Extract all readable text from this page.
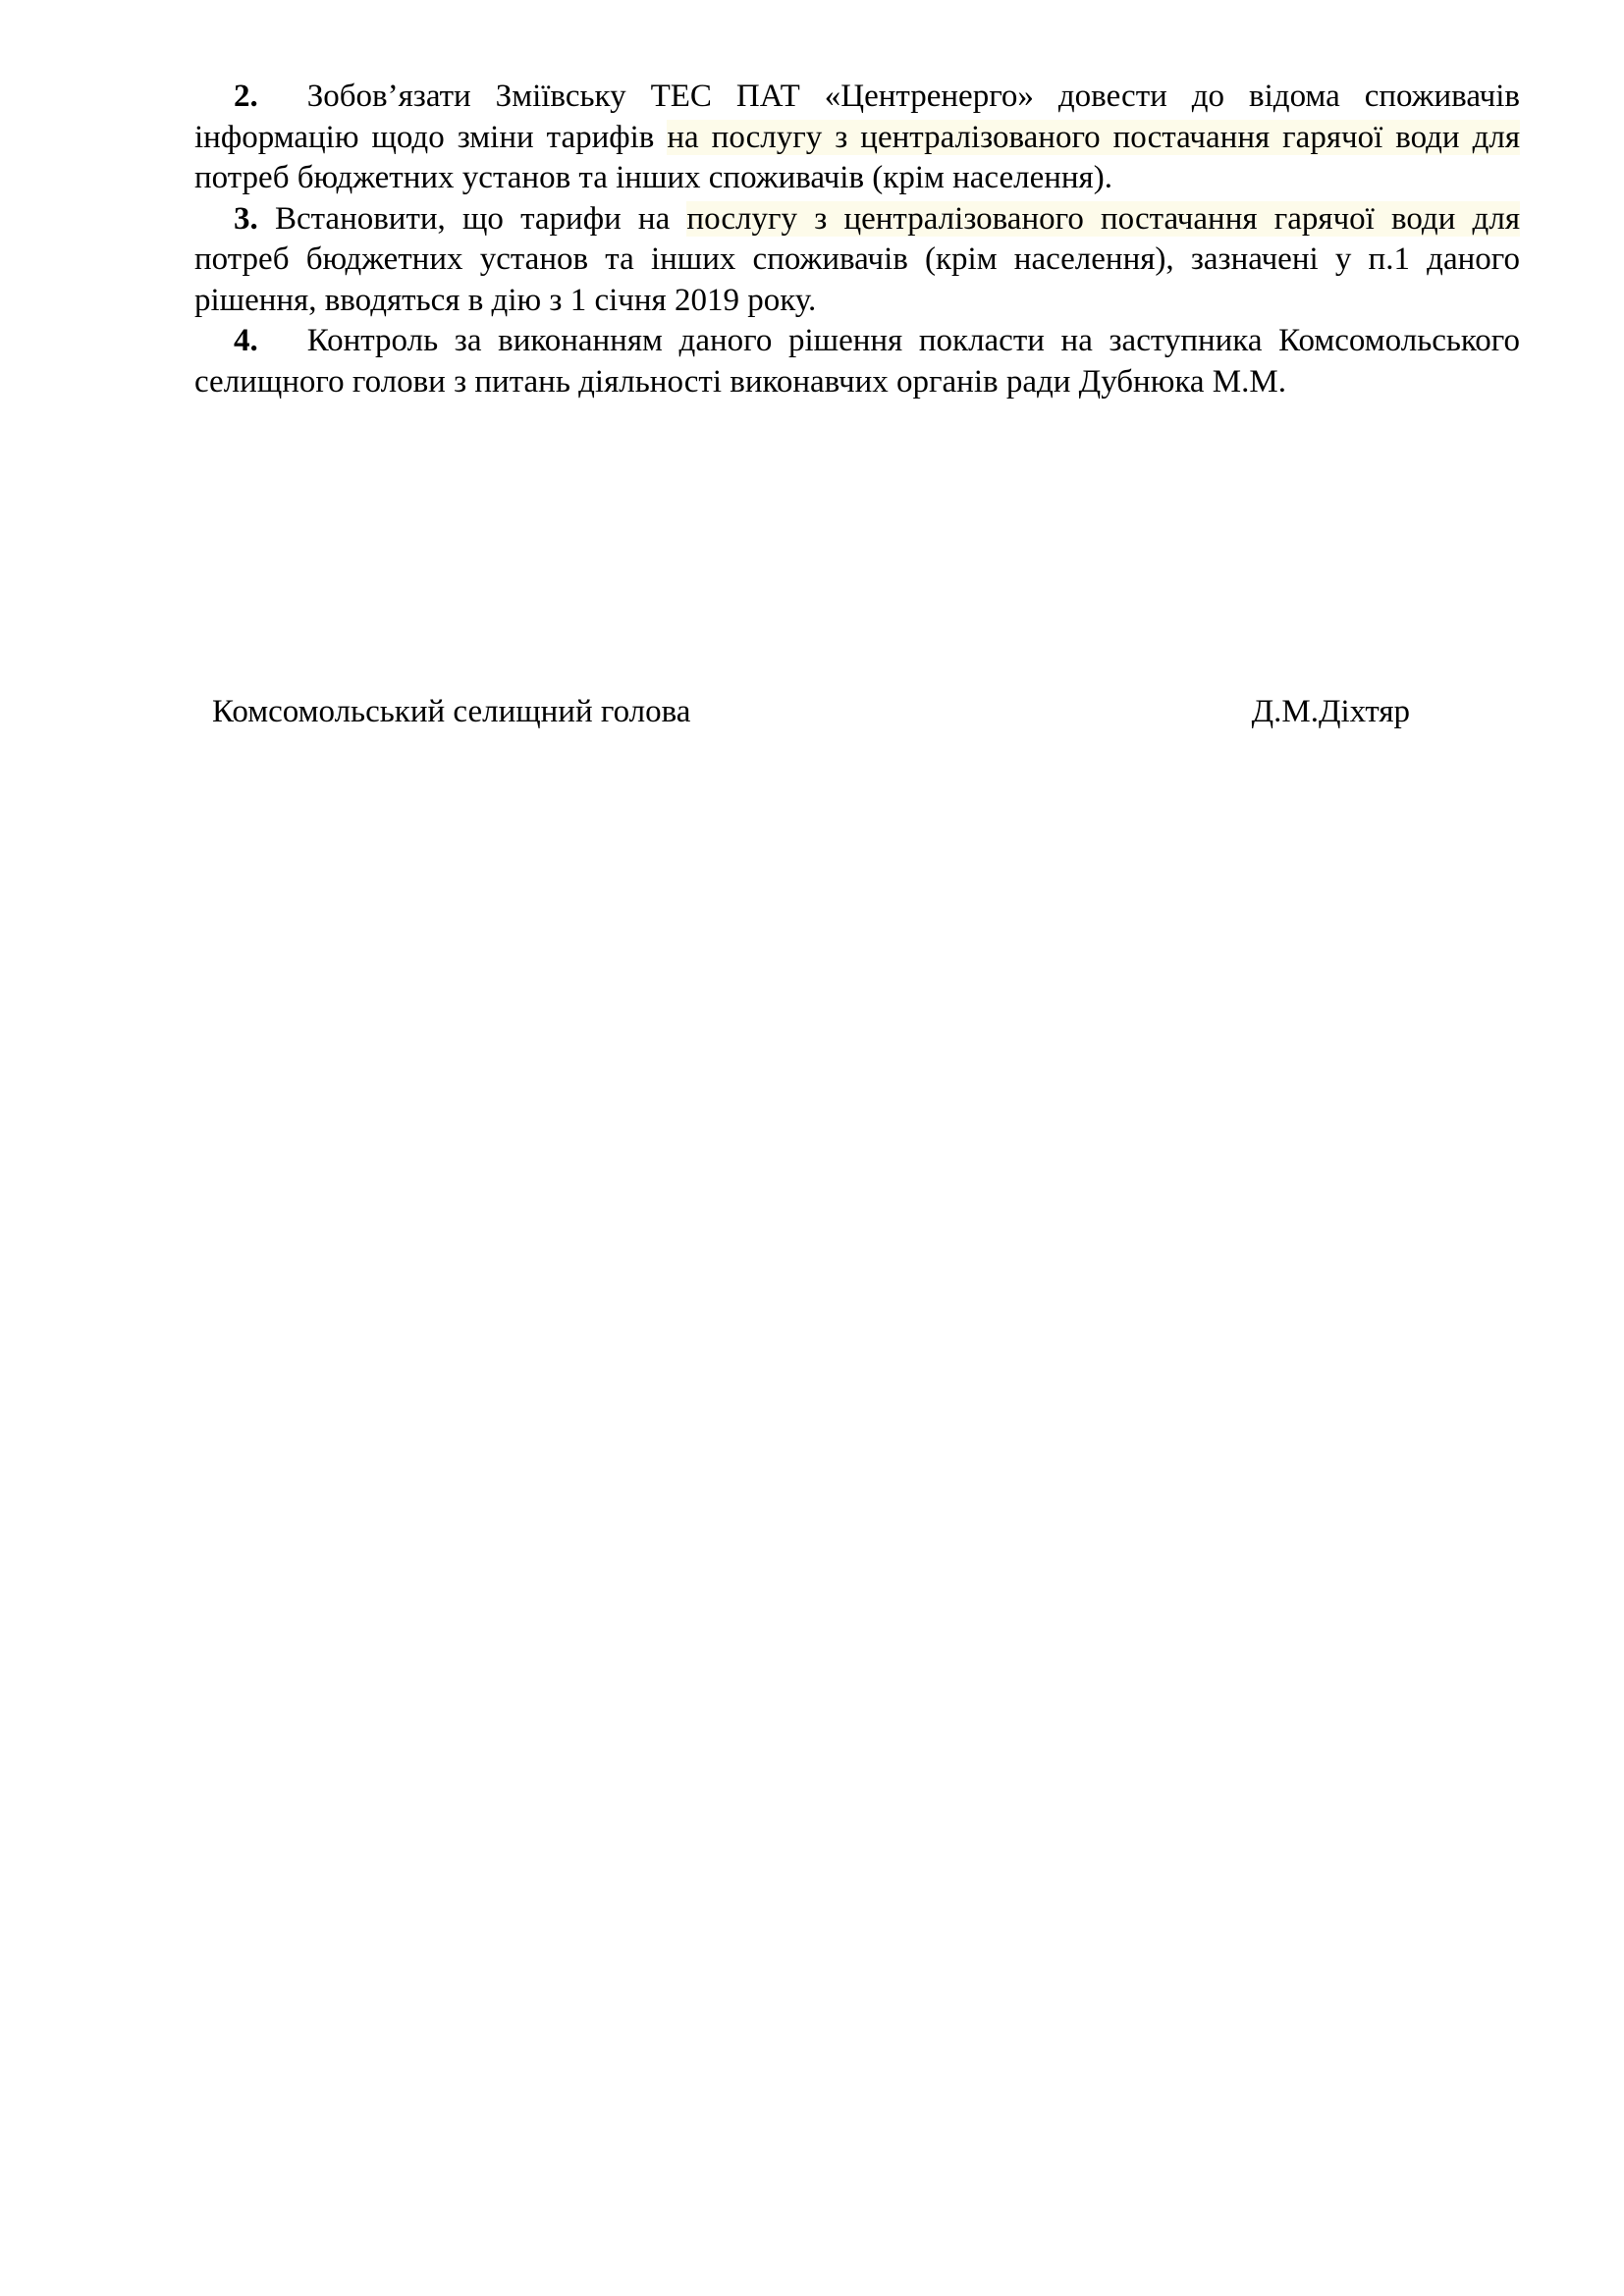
2. Зобов’язати Зміївську ТЕС ПАТ «Центренерго» довести до відома споживачів інформацію щодо зміни тарифів на послугу з централізованого постачання гарячої води для потреб бюджетних установ та інших споживачів (крім населення).

3. Встановити, що тарифи на послугу з централізованого постачання гарячої води для потреб бюджетних установ та інших споживачів (крім населення), зазначені у п.1 даного рішення, вводяться в дію з 1 січня 2019 року.

4. Контроль за виконанням даного рішення покласти на заступника Комсомольського селищного голови з питань діяльності виконавчих органів ради Дубнюка М.М.

Комсомольський селищний голова	Д.М.Діхтяр
